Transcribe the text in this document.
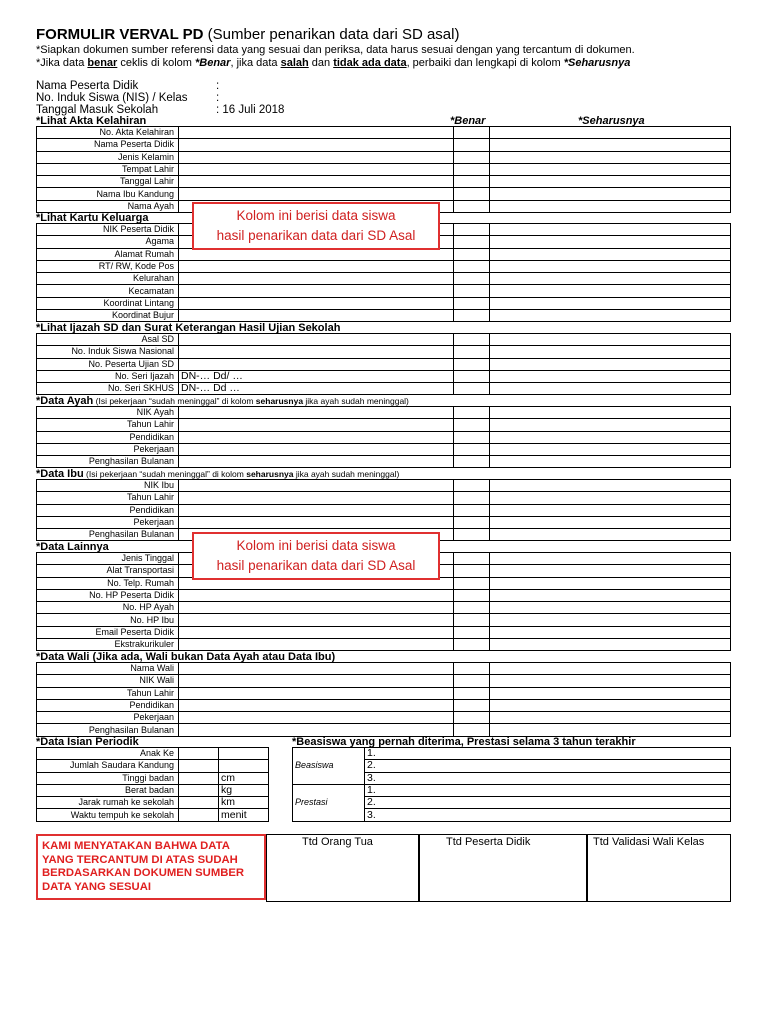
FORMULIR VERVAL PD (Sumber penarikan data dari SD asal)
*Siapkan dokumen sumber referensi data yang sesuai dan periksa, data harus sesuai dengan yang tercantum di dokumen.
*Jika data benar ceklis di kolom *Benar, jika data salah dan tidak ada data, perbaiki dan lengkapi di kolom *Seharusnya
Nama Peserta Didik	:
No. Induk Siswa (NIS) / Kelas :
Tanggal Masuk Sekolah	: 16 Juli 2018
*Benar	*Seharusnya
*Lihat Akta Kelahiran
*Lihat Kartu Keluarga
*Lihat Ijazah SD dan Surat Keterangan Hasil Ujian Sekolah
*Data Ayah (Isi pekerjaan “sudah meninggal” di kolom seharusnya jika ayah sudah meninggal)
*Data Ibu (Isi pekerjaan “sudah meninggal” di kolom seharusnya jika ayah sudah meninggal)
*Data Lainnya
*Data Wali (Jika ada, Wali bukan Data Ayah atau Data Ibu)
*Data Isian Periodik	*Beasiswa yang pernah diterima, Prestasi selama 3 tahun terakhir
No. Akta Kelahiran			
Nama Peserta Didik			
Jenis Kelamin			
Tempat Lahir			
Tanggal Lahir			
Nama Ibu Kandung			
Nama Ayah			
NIK Peserta Didik			
Agama			
Alamat Rumah			
RT/ RW, Kode Pos			
Kelurahan			
Kecamatan			
Koordinat Lintang			
Koordinat Bujur			
Asal SD			
No. Induk Siswa Nasional			
No. Peserta Ujian SD			
No. Seri Ijazah	DN-… Dd/ …		
No. Seri SKHUS	DN-… Dd …		
NIK Ayah			
Tahun Lahir			
Pendidikan			
Pekerjaan			
Penghasilan Bulanan			
NIK Ibu			
Tahun Lahir			
Pendidikan			
Pekerjaan			
Penghasilan Bulanan			
Jenis Tinggal			
Alat Transportasi			
No. Telp. Rumah			
No. HP Peserta Didik			
No. HP Ayah			
No. HP Ibu			
Email Peserta Didik			
Ekstrakurikuler			
Nama Wali			
NIK Wali			
Tahun Lahir			
Pendidikan			
Pekerjaan			
Penghasilan Bulanan			
Anak Ke		
Jumlah Saudara Kandung		
Tinggi badan		cm
Berat badan		kg
Jarak rumah ke sekolah		km
Waktu tempuh ke sekolah		menit
Beasiswa	1.
	2.
	3.
Prestasi	1.
	2.
	3.
Kolom ini berisi data siswa
hasil penarikan data dari SD Asal
Kolom ini berisi data siswa
hasil penarikan data dari SD Asal
KAMI MENYATAKAN BAHWA DATA YANG TERCANTUM DI ATAS SUDAH BERDASARKAN DOKUMEN SUMBER DATA YANG SESUAI
Ttd Orang Tua	Ttd Peserta Didik	Ttd Validasi Wali Kelas
